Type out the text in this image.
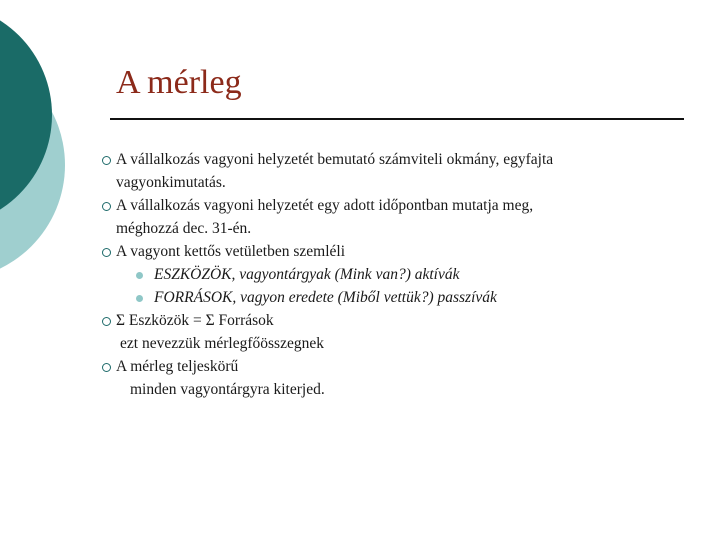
A mérleg
A vállalkozás vagyoni helyzetét bemutató számviteli okmány, egyfajta
vagyonkimutatás.
A vállalkozás vagyoni helyzetét egy adott időpontban mutatja meg,
méghozzá dec. 31-én.
A vagyont kettős vetületben szemléli
ESZKÖZÖK, vagyontárgyak (Mink van?) aktívák
FORRÁSOK, vagyon eredete (Miből vettük?) passzívák
Σ Eszközök = Σ Források
ezt nevezzük mérlegfőösszegnek
A mérleg teljeskörű
minden vagyontárgyra kiterjed.
